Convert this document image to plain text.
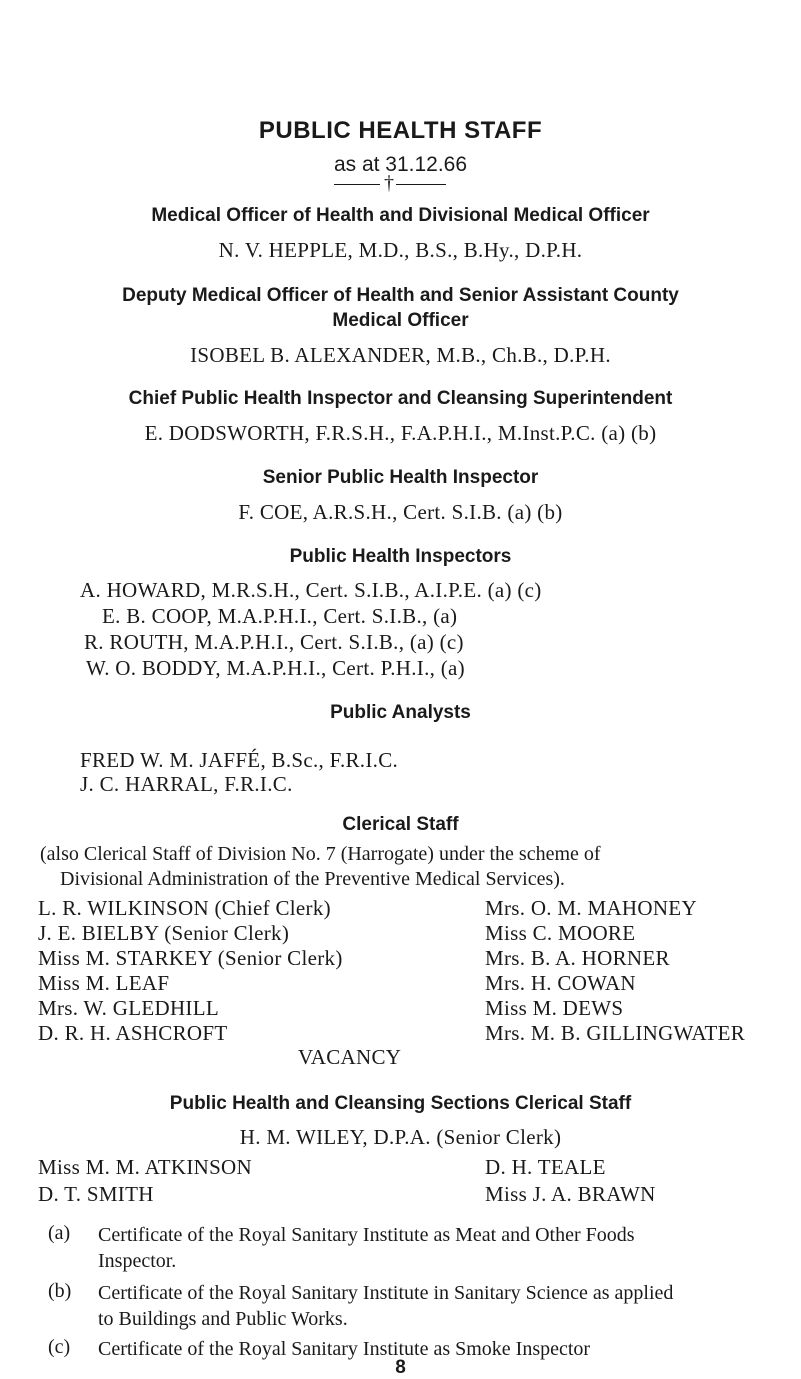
PUBLIC HEALTH STAFF
as at 31.12.66
†
Medical Officer of Health and Divisional Medical Officer
N. V. HEPPLE, M.D., B.S., B.Hy., D.P.H.
Deputy Medical Officer of Health and Senior Assistant County
Medical Officer
ISOBEL B. ALEXANDER, M.B., Ch.B., D.P.H.
Chief Public Health Inspector and Cleansing Superintendent
E. DODSWORTH, F.R.S.H., F.A.P.H.I., M.Inst.P.C. (a) (b)
Senior Public Health Inspector
F. COE, A.R.S.H., Cert. S.I.B. (a) (b)
Public Health Inspectors
A. HOWARD, M.R.S.H., Cert. S.I.B., A.I.P.E. (a) (c)
E. B. COOP, M.A.P.H.I., Cert. S.I.B., (a)
R. ROUTH, M.A.P.H.I., Cert. S.I.B., (a) (c)
W. O. BODDY, M.A.P.H.I., Cert. P.H.I., (a)
Public Analysts
FRED W. M. JAFFÉ, B.Sc., F.R.I.C.
J. C. HARRAL, F.R.I.C.
Clerical Staff
(also Clerical Staff of Division No. 7 (Harrogate) under the scheme of
Divisional Administration of the Preventive Medical Services).
L. R. WILKINSON (Chief Clerk)
J. E. BIELBY (Senior Clerk)
Miss M. STARKEY (Senior Clerk)
Miss M. LEAF
Mrs. W. GLEDHILL
D. R. H. ASHCROFT
Mrs. O. M. MAHONEY
Miss C. MOORE
Mrs. B. A. HORNER
Mrs. H. COWAN
Miss M. DEWS
Mrs. M. B. GILLINGWATER
VACANCY
Public Health and Cleansing Sections Clerical Staff
H. M. WILEY, D.P.A. (Senior Clerk)
Miss M. M. ATKINSON
D. T. SMITH
D. H. TEALE
Miss J. A. BRAWN
(a) Certificate of the Royal Sanitary Institute as Meat and Other Foods Inspector.
(b) Certificate of the Royal Sanitary Institute in Sanitary Science as applied to Buildings and Public Works.
(c) Certificate of the Royal Sanitary Institute as Smoke Inspector
8
